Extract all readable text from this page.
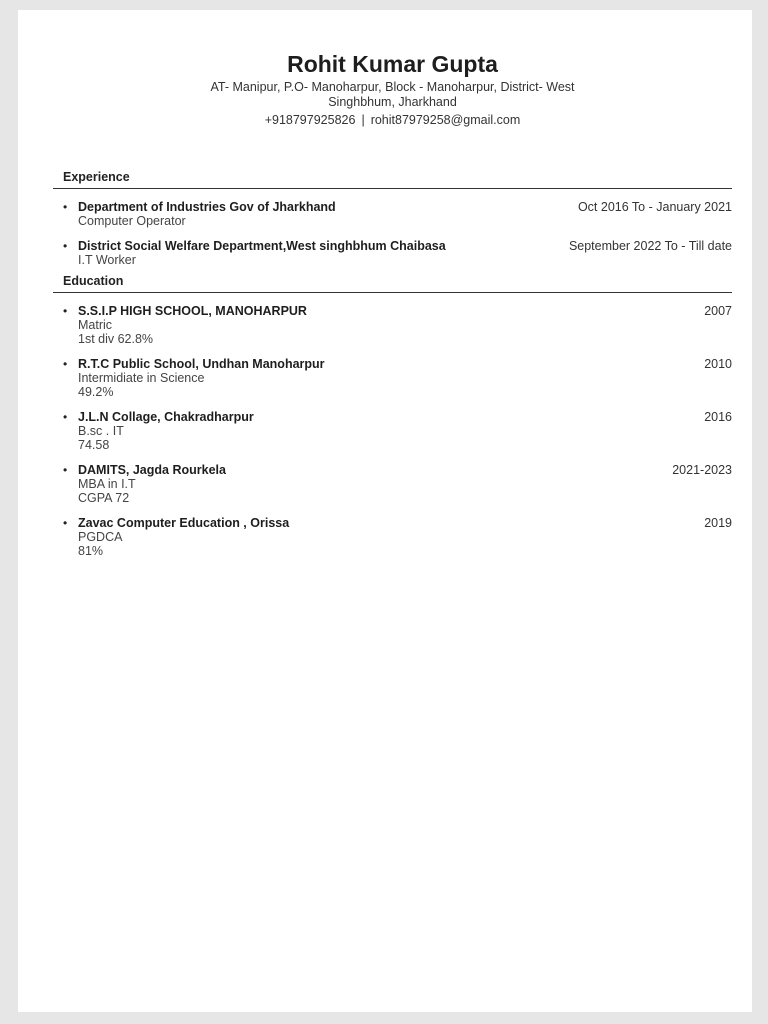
Rohit Kumar Gupta
AT- Manipur, P.O- Manoharpur, Block - Manoharpur, District- West Singhbhum, Jharkhand
+918797925826 | rohit87979258@gmail.com
Experience
• Department of Industries Gov of Jharkhand	Oct 2016 To - January 2021
Computer Operator
• District Social Welfare Department,West singhbhum Chaibasa	September 2022 To - Till date
I.T Worker
Education
• S.S.I.P HIGH SCHOOL, MANOHARPUR	2007
Matric
1st div 62.8%
• R.T.C Public School, Undhan Manoharpur	2010
Intermidiate in Science
49.2%
• J.L.N Collage, Chakradharpur	2016
B.sc . IT
74.58
• DAMITS, Jagda Rourkela	2021-2023
MBA in I.T
CGPA 72
• Zavac Computer Education , Orissa	2019
PGDCA
81%
